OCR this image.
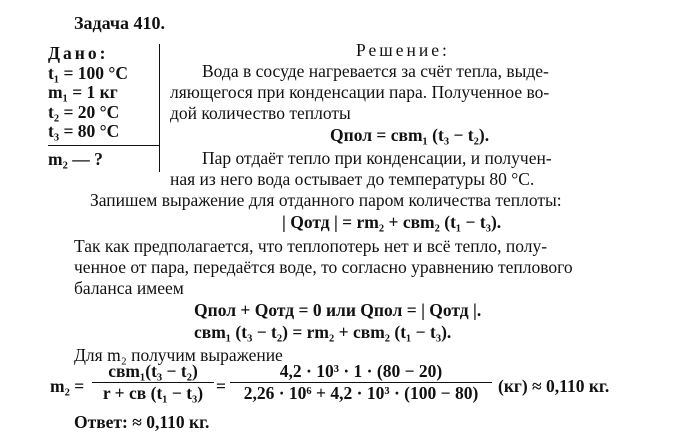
Задача 410.
Дано:
t₁ = 100 °C
m₁ = 1 кг
t₂ = 20 °C
t₃ = 80 °C
m₂ — ?
Решение:
Вода в сосуде нагревается за счёт тепла, выде-
ляющегося при конденсации пара. Полученное во-
дой количество теплоты
Qпол = cвm₁ (t₃ − t₂).
Пар отдаёт тепло при конденсации, и получен-
ная из него вода остывает до температуры 80 °C.
Запишем выражение для отданного паром количества теплоты:
| Qотд | = rm₂ + cвm₂ (t₁ − t₃).
Так как предполагается, что теплопотерь нет и всё тепло, полу-
ченное от пара, передаётся воде, то согласно уравнению теплового
баланса имеем
Qпол + Qотд = 0 или Qпол = | Qотд |.
cвm₁ (t₃ − t₂) = rm₂ + cвm₂ (t₁ − t₃).
Для m₂ получим выражение
m₂ =
cвm₁(t₃ − t₂)
r + cв (t₁ − t₃) =
4,2 · 10³ · 1 · (80 − 20)
2,26 · 10⁶ + 4,2 · 10³ · (100 − 80)	(кг) ≈ 0,110 кг.
Ответ: ≈ 0,110 кг.
